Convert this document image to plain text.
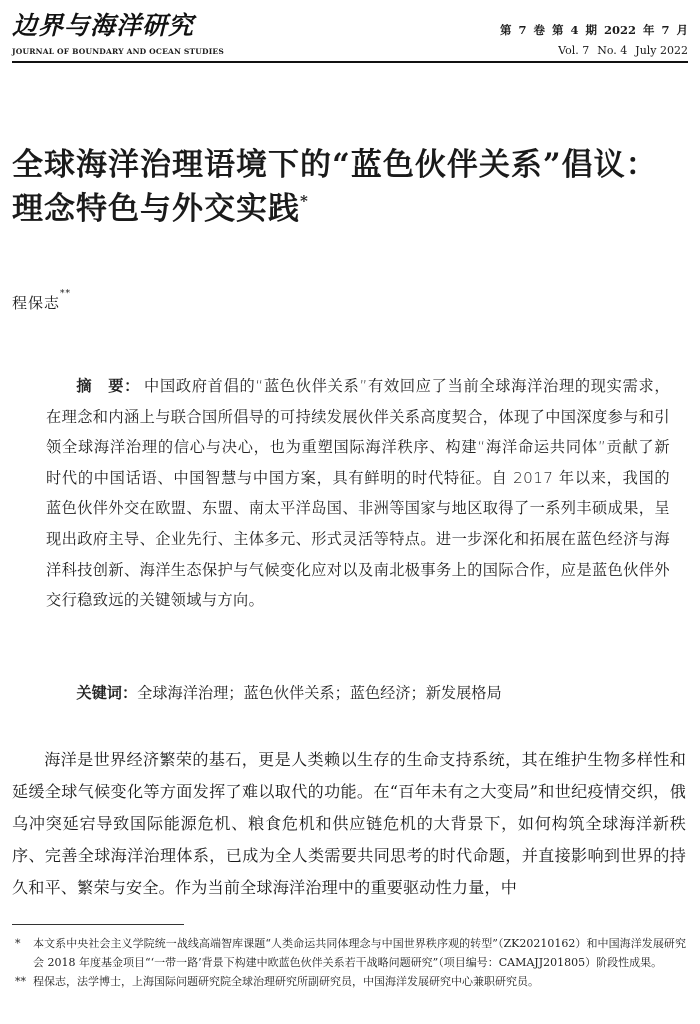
边界与海洋研究
JOURNAL OF BOUNDARY AND OCEAN STUDIES
第 7 卷 第 4 期 2022 年 7 月
Vol. 7 No. 4 July 2022
全球海洋治理语境下的“蓝色伙伴关系”倡议：理念特色与外交实践*
程保志**
摘　要： 中国政府首倡的“蓝色伙伴关系”有效回应了当前全球海洋治理的现实需求，在理念和内涵上与联合国所倡导的可持续发展伙伴关系高度契合，体现了中国深度参与和引领全球海洋治理的信心与决心，也为重塑国际海洋秩序、构建“海洋命运共同体”贡献了新时代的中国话语、中国智慧与中国方案，具有鲜明的时代特征。自 2017 年以来，我国的蓝色伙伴外交在欧盟、东盟、南太平洋岛国、非洲等国家与地区取得了一系列丰硕成果，呈现出政府主导、企业先行、主体多元、形式灵活等特点。进一步深化和拓展在蓝色经济与海洋科技创新、海洋生态保护与气候变化应对以及南北极事务上的国际合作，应是蓝色伙伴外交行稳致远的关键领域与方向。
关键词：全球海洋治理；蓝色伙伴关系；蓝色经济；新发展格局

海洋是世界经济繁荣的基石，更是人类赖以生存的生命支持系统，其在维护生物多样性和延缓全球气候变化等方面发挥了难以取代的功能。在“百年未有之大变局”和世纪疫情交织，俄乌冲突延宕导致国际能源危机、粮食危机和供应链危机的大背景下，如何构筑全球海洋新秩序、完善全球海洋治理体系，已成为全人类需要共同思考的时代命题，并直接影响到世界的持久和平、繁荣与安全。作为当前全球海洋治理中的重要驱动性力量，中

* 本文系中央社会主义学院统一战线高端智库课题“人类命运共同体理念与中国世界秩序观的转型”（ZK20210162）和中国海洋发展研究会 2018 年度基金项目“‘一带一路’背景下构建中欧蓝色伙伴关系若干战略问题研究”（项目编号：CAMAJJ201805）阶段性成果。
** 程保志，法学博士，上海国际问题研究院全球治理研究所副研究员，中国海洋发展研究中心兼职研究员。
